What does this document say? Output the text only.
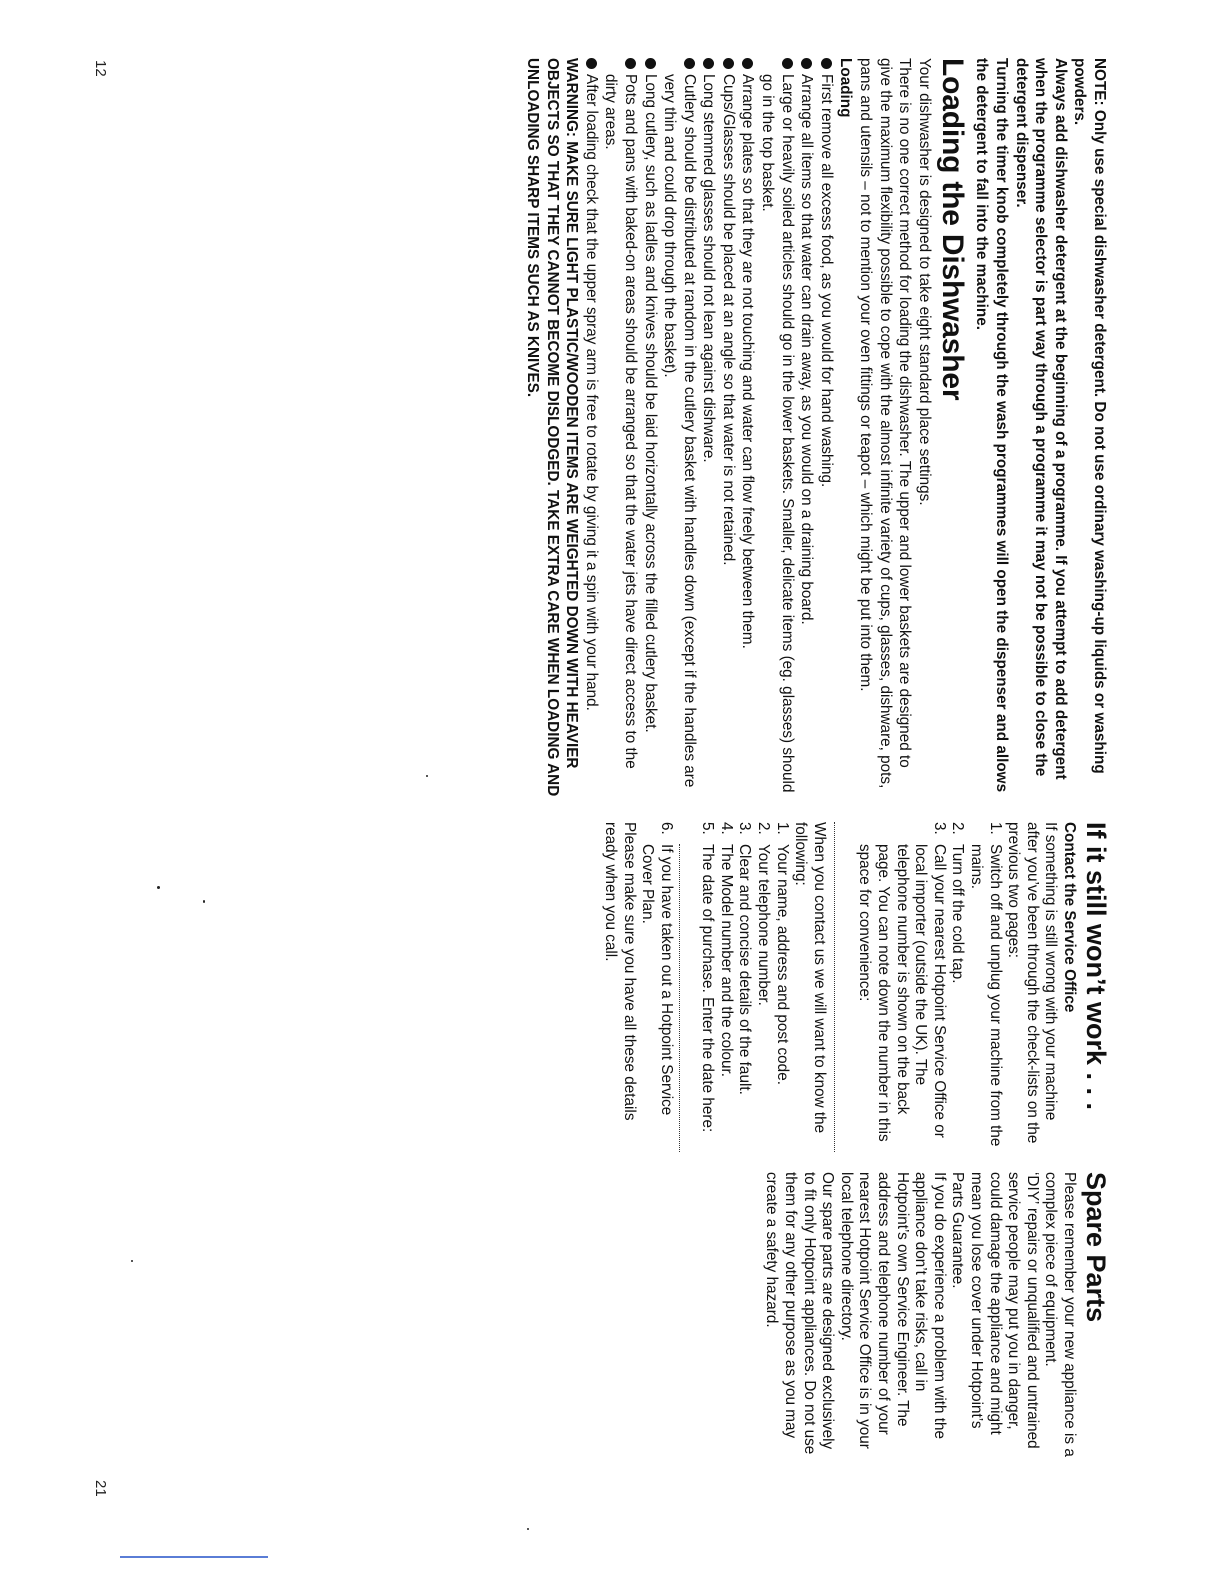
12
21

NOTE: Only use special dishwasher detergent. Do not use ordinary washing-up liquids or washing powders.

Always add dishwasher detergent at the beginning of a programme. If you attempt to add detergent when the programme selector is part way through a programme it may not be possible to close the detergent dispenser.

Turning the timer knob completely through the wash programmes will open the dispenser and allows the detergent to fall into the machine.

Loading the Dishwasher

Your dishwasher is designed to take eight standard place settings.

There is no one correct method for loading the dishwasher. The upper and lower baskets are designed to give the maximum flexibility possible to cope with the almost infinite variety of cups, glasses, dishware, pots, pans and utensils – not to mention your oven fittings or teapot – which might be put into them.

Loading

First remove all excess food, as you would for hand washing.
Arrange all items so that water can drain away, as you would on a draining board.
Large or heavily soiled articles should go in the lower baskets. Smaller, delicate items (eg. glasses) should go in the top basket.
Arrange plates so that they are not touching and water can flow freely between them.
Cups/Glasses should be placed at an angle so that water is not retained.
Long stemmed glasses should not lean against dishware.
Cutlery should be distributed at random in the cutlery basket with handles down (except if the handles are very thin and could drop through the basket).
Long cutlery, such as ladles and knives should be laid horizontally across the filled cutlery basket.
Pots and pans with baked-on areas should be arranged so that the water jets have direct access to the dirty areas.
After loading check that the upper spray arm is free to rotate by giving it a spin with your hand.

WARNING: MAKE SURE LIGHT PLASTIC/WOODEN ITEMS ARE WEIGHTED DOWN WITH HEAVIER OBJECTS SO THAT THEY CANNOT BECOME DISLODGED. TAKE EXTRA CARE WHEN LOADING AND UNLOADING SHARP ITEMS SUCH AS KNIVES.

If it still won’t work . . .

Contact the Service Office

If something is still wrong with your machine after you’ve been through the check-lists on the previous two pages:

1.
Switch off and unplug your machine from the mains.
2.
Turn off the cold tap.
3.
Call your nearest Hotpoint Service Office or local importer (outside the UK). The telephone number is shown on the back page. You can note down the number in this space for convenience:

When you contact us we will want to know the following:

1.
Your name, address and post code.
2.
Your telephone number.
3.
Clear and concise details of the fault.
4.
The Model number and the colour.
5.
The date of purchase. Enter the date here:
6.
If you have taken out a Hotpoint Service Cover Plan.

Please make sure you have all these details ready when you call.

Spare Parts

Please remember your new appliance is a complex piece of equipment.

‘DIY’ repairs or unqualified and untrained service people may put you in danger, could damage the appliance and might mean you lose cover under Hotpoint’s Parts Guarantee.

If you do experience a problem with the appliance don’t take risks, call in Hotpoint’s own Service Engineer. The address and telephone number of your nearest Hotpoint Service Office is in your local telephone directory.

Our spare parts are designed exclusively to fit only Hotpoint appliances. Do not use them for any other purpose as you may create a safety hazard.
